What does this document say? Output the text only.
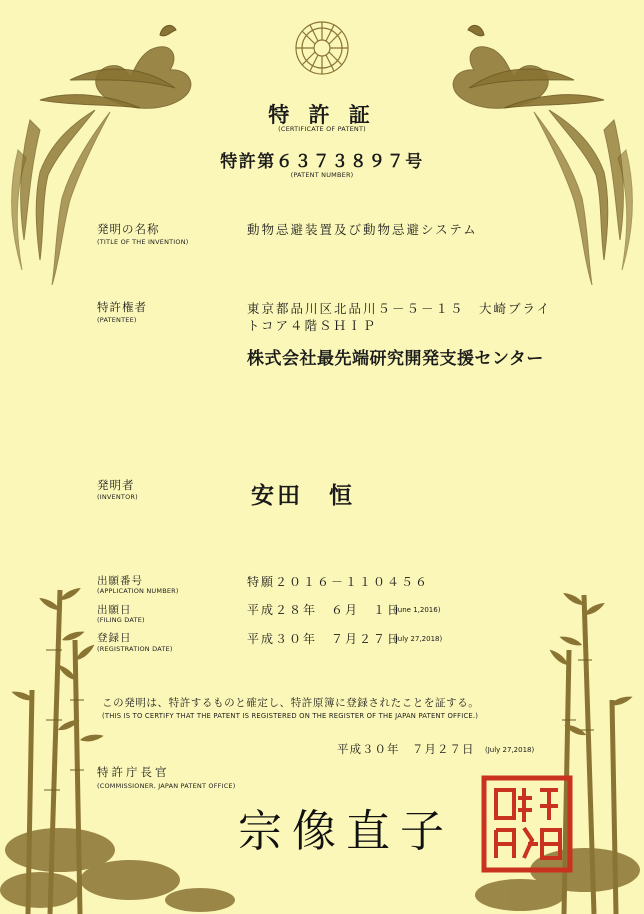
特 許 証
(CERTIFICATE OF PATENT)
特許第６３７３８９７号
(PATENT NUMBER)
発明の名称
(TITLE OF THE INVENTION)
動物忌避装置及び動物忌避システム
特許権者
(PATENTEE)
東京都品川区北品川５－５－１５　大崎ブライ
トコア４階ＳＨＩＰ
株式会社最先端研究開発支援センター
発明者
(INVENTOR)	安田　恒
出願番号
(APPLICATION NUMBER)
特願２０１６－１１０４５６
出願日
(FILING DATE)
平成２８年　６月　１日
(June 1,2016)
登録日
(REGISTRATION DATE)
平成３０年　７月２７日
(July 27,2018)
この発明は、特許するものと確定し、特許原簿に登録されたことを証する。
(THIS IS TO CERTIFY THAT THE PATENT IS REGISTERED ON THE REGISTER OF THE JAPAN PATENT OFFICE.)
平成３０年　７月２７日 (July 27,2018)
特許庁長官
(COMMISSIONER, JAPAN PATENT OFFICE)
宗像直子
